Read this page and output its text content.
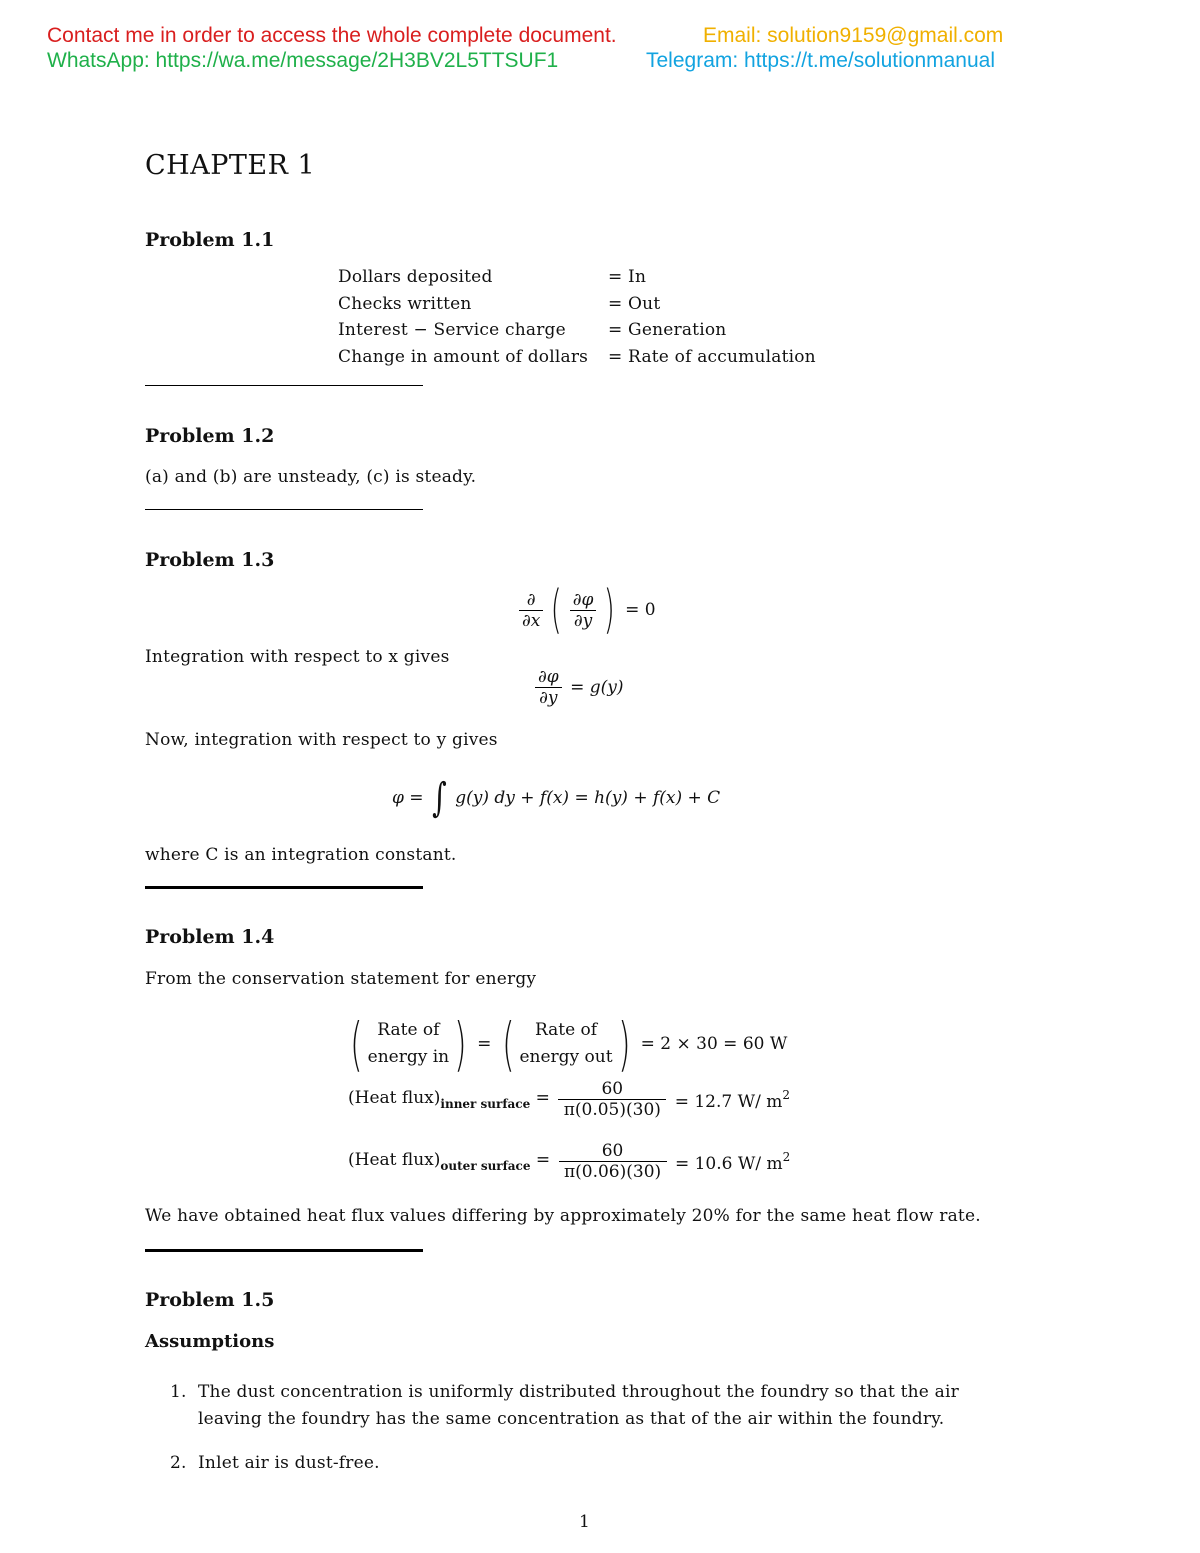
Contact me in order to access the whole complete document.	Email: solution9159@gmail.com
WhatsApp: https://wa.me/message/2H3BV2L5TTSUF1	Telegram: https://t.me/solutionmanual
CHAPTER 1
Problem 1.1
Dollars deposited	= In
Checks written	= Out
Interest − Service charge	= Generation
Change in amount of dollars	= Rate of accumulation
Problem 1.2
(a) and (b) are unsteady, (c) is steady.
Problem 1.3
$\frac{\partial}{\partial x}$ ( $\frac{\partial\varphi}{\partial y}$ ) = 0
Integration with respect to x gives
$\frac{\partial\varphi}{\partial y} = g(y)$
Now, integration with respect to y gives
φ = ∫ g(y) dy + f(x) = h(y) + f(x) + C
where C is an integration constant.
Problem 1.4
From the conservation statement for energy
( Rate of
energy in) = ( Rate of
energy out) = 2 × 30 = 60 W
(Heat $flux)_{inner surface} = \frac{60}{\pi(0.05)(30)} = 12.7$ W/ $m^2$
(Heat $flux)_{outer surface} = \frac{60}{\pi(0.06)(30)} = 10.6$ W/ $m^2$
We have obtained heat flux values differing by approximately 20% for the same heat flow rate.
Problem 1.5
Assumptions
1. The dust concentration is uniformly distributed throughout the foundry so that the air
leaving the foundry has the same concentration as that of the air within the foundry.
2. Inlet air is dust-free.
1
